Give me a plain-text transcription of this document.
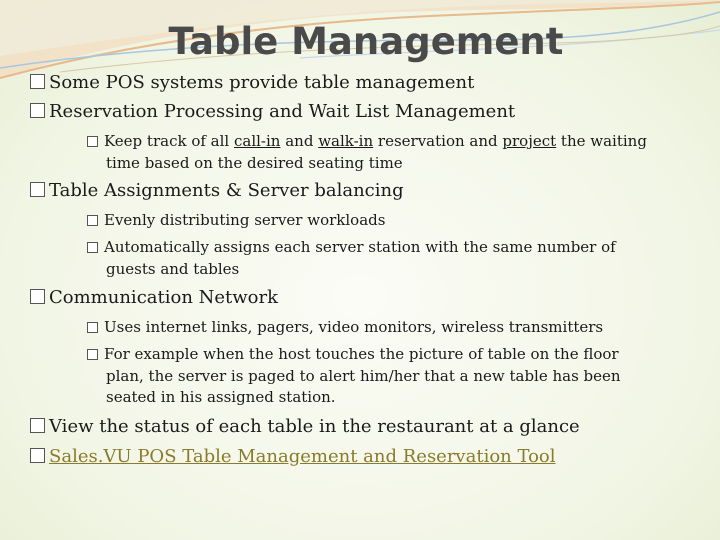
Table Management
Some POS systems provide table management
Reservation Processing and Wait List Management
Keep track of all call-in and walk-in reservation and project the waiting
time based on the desired seating time
Table Assignments & Server balancing
Evenly distributing server workloads
Automatically assigns each server station with the same number of
guests and tables
Communication Network
Uses internet links, pagers, video monitors, wireless transmitters
For example when the host touches the picture of table on the floor
plan, the server is paged to alert him/her that a new table has been
seated in his assigned station.
View the status of each table in the restaurant at a glance
Sales.VU POS Table Management and Reservation Tool
